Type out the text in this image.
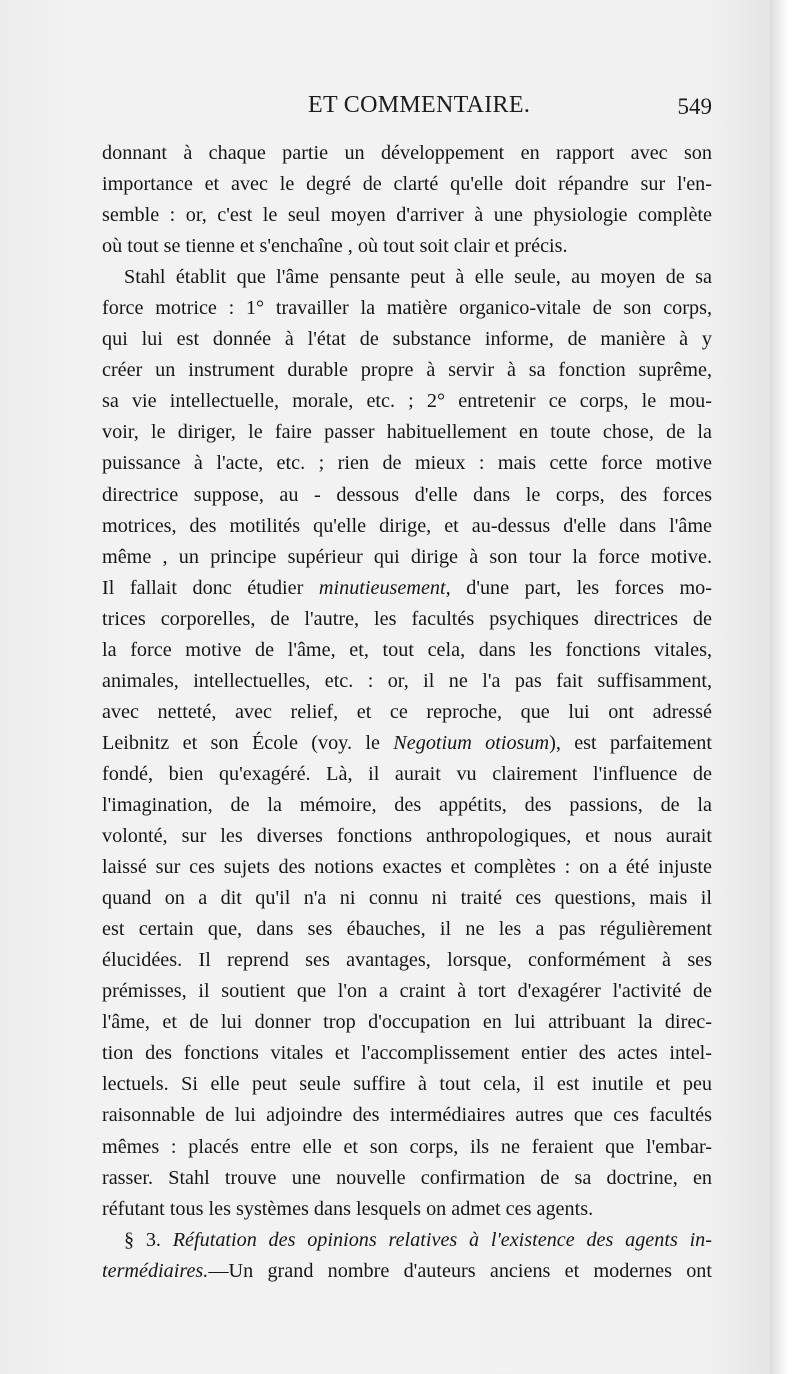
ET COMMENTAIRE.	549
donnant à chaque partie un développement en rapport avec son
importance et avec le degré de clarté qu'elle doit répandre sur l'en-
semble : or, c'est le seul moyen d'arriver à une physiologie complète
où tout se tienne et s'enchaîne , où tout soit clair et précis.
Stahl établit que l'âme pensante peut à elle seule, au moyen de sa
force motrice : 1° travailler la matière organico-vitale de son corps,
qui lui est donnée à l'état de substance informe, de manière à y
créer un instrument durable propre à servir à sa fonction suprême,
sa vie intellectuelle, morale, etc. ; 2° entretenir ce corps, le mou-
voir, le diriger, le faire passer habituellement en toute chose, de la
puissance à l'acte, etc. ; rien de mieux : mais cette force motive
directrice suppose, au - dessous d'elle dans le corps, des forces
motrices, des motilités qu'elle dirige, et au-dessus d'elle dans l'âme
même , un principe supérieur qui dirige à son tour la force motive.
Il fallait donc étudier minutieusement, d'une part, les forces mo-
trices corporelles, de l'autre, les facultés psychiques directrices de
la force motive de l'âme, et, tout cela, dans les fonctions vitales,
animales, intellectuelles, etc. : or, il ne l'a pas fait suffisamment,
avec netteté, avec relief, et ce reproche, que lui ont adressé
Leibnitz et son École (voy. le Negotium otiosum), est parfaitement
fondé, bien qu'exagéré. Là, il aurait vu clairement l'influence de
l'imagination, de la mémoire, des appétits, des passions, de la
volonté, sur les diverses fonctions anthropologiques, et nous aurait
laissé sur ces sujets des notions exactes et complètes : on a été injuste
quand on a dit qu'il n'a ni connu ni traité ces questions, mais il
est certain que, dans ses ébauches, il ne les a pas régulièrement
élucidées. Il reprend ses avantages, lorsque, conformément à ses
prémisses, il soutient que l'on a craint à tort d'exagérer l'activité de
l'âme, et de lui donner trop d'occupation en lui attribuant la direc-
tion des fonctions vitales et l'accomplissement entier des actes intel-
lectuels. Si elle peut seule suffire à tout cela, il est inutile et peu
raisonnable de lui adjoindre des intermédiaires autres que ces facultés
mêmes : placés entre elle et son corps, ils ne feraient que l'embar-
rasser. Stahl trouve une nouvelle confirmation de sa doctrine, en
réfutant tous les systèmes dans lesquels on admet ces agents.
§ 3. Réfutation des opinions relatives à l'existence des agents in-
termédiaires.—Un grand nombre d'auteurs anciens et modernes ont
